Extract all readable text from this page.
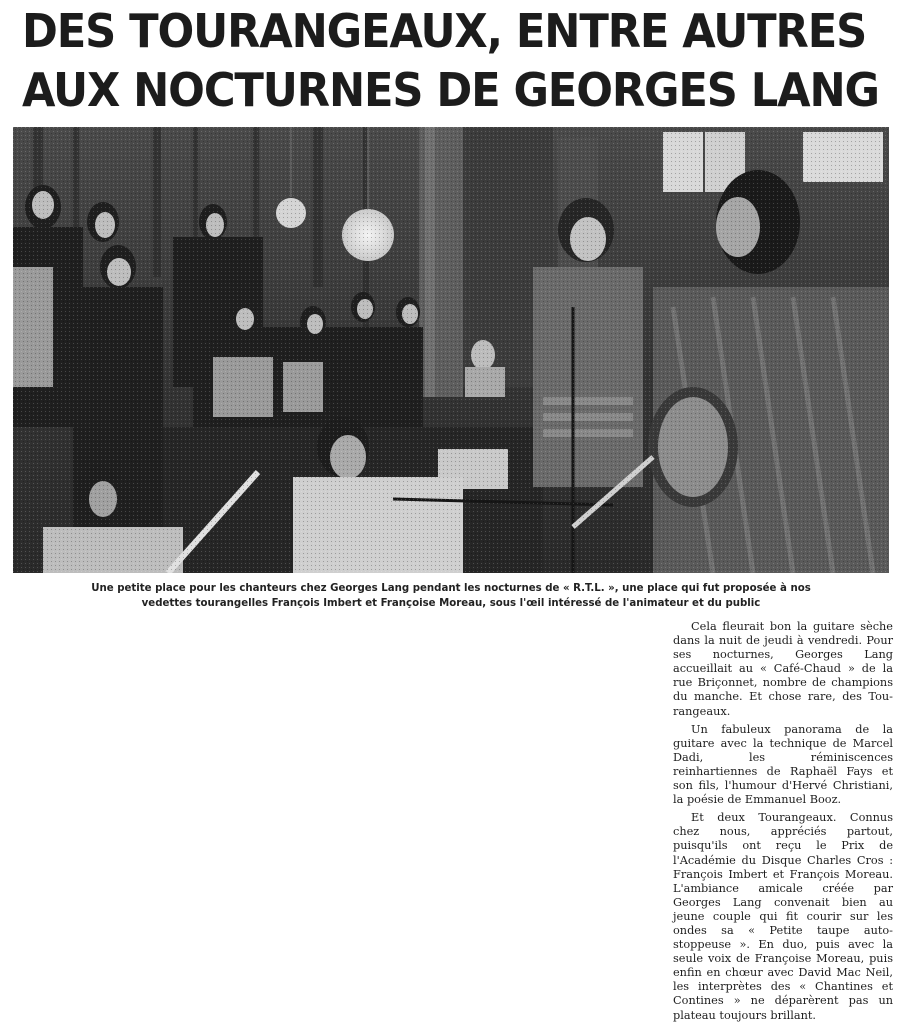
DES TOURANGEAUX, ENTRE AUTRES
AUX NOCTURNES DE GEORGES LANG
Une petite place pour les chanteurs chez Georges Lang pendant les nocturnes de « R.T.L. », une place qui fut proposée à nos
vedettes tourangelles François Imbert et Françoise Moreau, sous l'œil intéressé de l'animateur et du public

Cela fleurait bon la guitare sèche dans la nuit de jeudi à vendredi. Pour ses nocturnes, Georges Lang accueillait au « Café-Chaud » de la rue Briçonnet, nombre de champions du manche. Et chose rare, des Tourangeaux.

Un fabuleux panorama de la guitare avec la technique de Marcel Dadi, les réminiscences reinhartiennes de Raphaël Fays et son fils, l'humour d'Hervé Christiani, la poésie de Emmanuel Booz.

Et deux Tourangeaux. Connus chez nous, appréciés partout, puisqu'ils ont reçu le Prix de l'Académie du Disque Charles Cros : François Imbert et François Moreau. L'ambiance amicale créée par Georges Lang convenait bien au jeune couple qui fit courir sur les ondes sa « Petite taupe auto-stoppeuse ». En duo, puis avec la seule voix de Françoise Moreau, puis enfin en chœur avec David Mac Neil, les interprètes des « Chantines et Contines » ne déparèrent pas un plateau toujours brillant.
